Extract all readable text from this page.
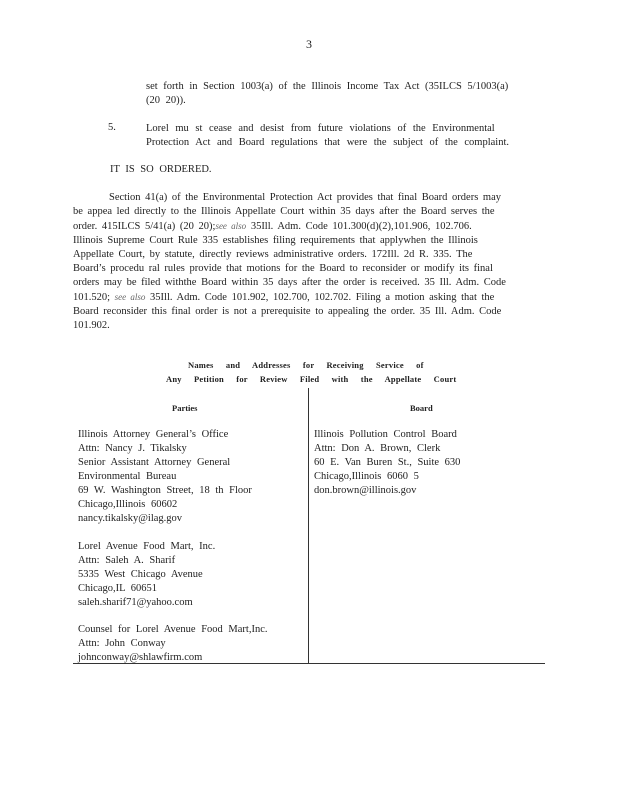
3
set forth in Section 1003(a) of the Illinois Income Tax Act (35ILCS 5/1003(a)
(20 20)).
5.	Lorel mu st cease and desist from future violations of the Environmental
Protection Act and Board regulations that were the subject of the complaint.
IT IS SO ORDERED.
Section 41(a) of the Environmental Protection Act provides that final Board orders may
be appea led directly to the Illinois Appellate Court within 35 days after the Board serves the
order. 415ILCS 5/41(a) (20 20);see also 35Ill. Adm. Code 101.300(d)(2),101.906, 102.706.
Illinois Supreme Court Rule 335 establishes filing requirements that applywhen the Illinois
Appellate Court, by statute, directly reviews administrative orders. 172Ill. 2d R. 335. The
Board’s procedu ral rules provide that motions for the Board to reconsider or modify its final
orders may be filed withthe Board within 35 days after the order is received. 35 Ill. Adm. Code
101.520; see also 35Ill. Adm. Code 101.902, 102.700, 102.702. Filing a motion asking that the
Board reconsider this final order is not a prerequisite to appealing the order. 35 Ill. Adm. Code
101.902.
Names and Addresses for Receiving Service of
Any Petition for Review Filed with the Appellate Court
Parties	Board
Illinois Attorney General’s Office
Attn: Nancy J. Tikalsky
Senior Assistant Attorney General
Environmental Bureau
69 W. Washington Street, 18 th Floor
Chicago,Illinois 60602
nancy.tikalsky@ilag.gov
Lorel Avenue Food Mart, Inc.
Attn: Saleh A. Sharif
5335 West Chicago Avenue
Chicago,IL 60651
saleh.sharif71@yahoo.com
Counsel for Lorel Avenue Food Mart,Inc.
Attn: John Conway
johnconway@shlawfirm.com
Illinois Pollution Control Board
Attn: Don A. Brown, Clerk
60 E. Van Buren St., Suite 630
Chicago,Illinois 6060 5
don.brown@illinois.gov
